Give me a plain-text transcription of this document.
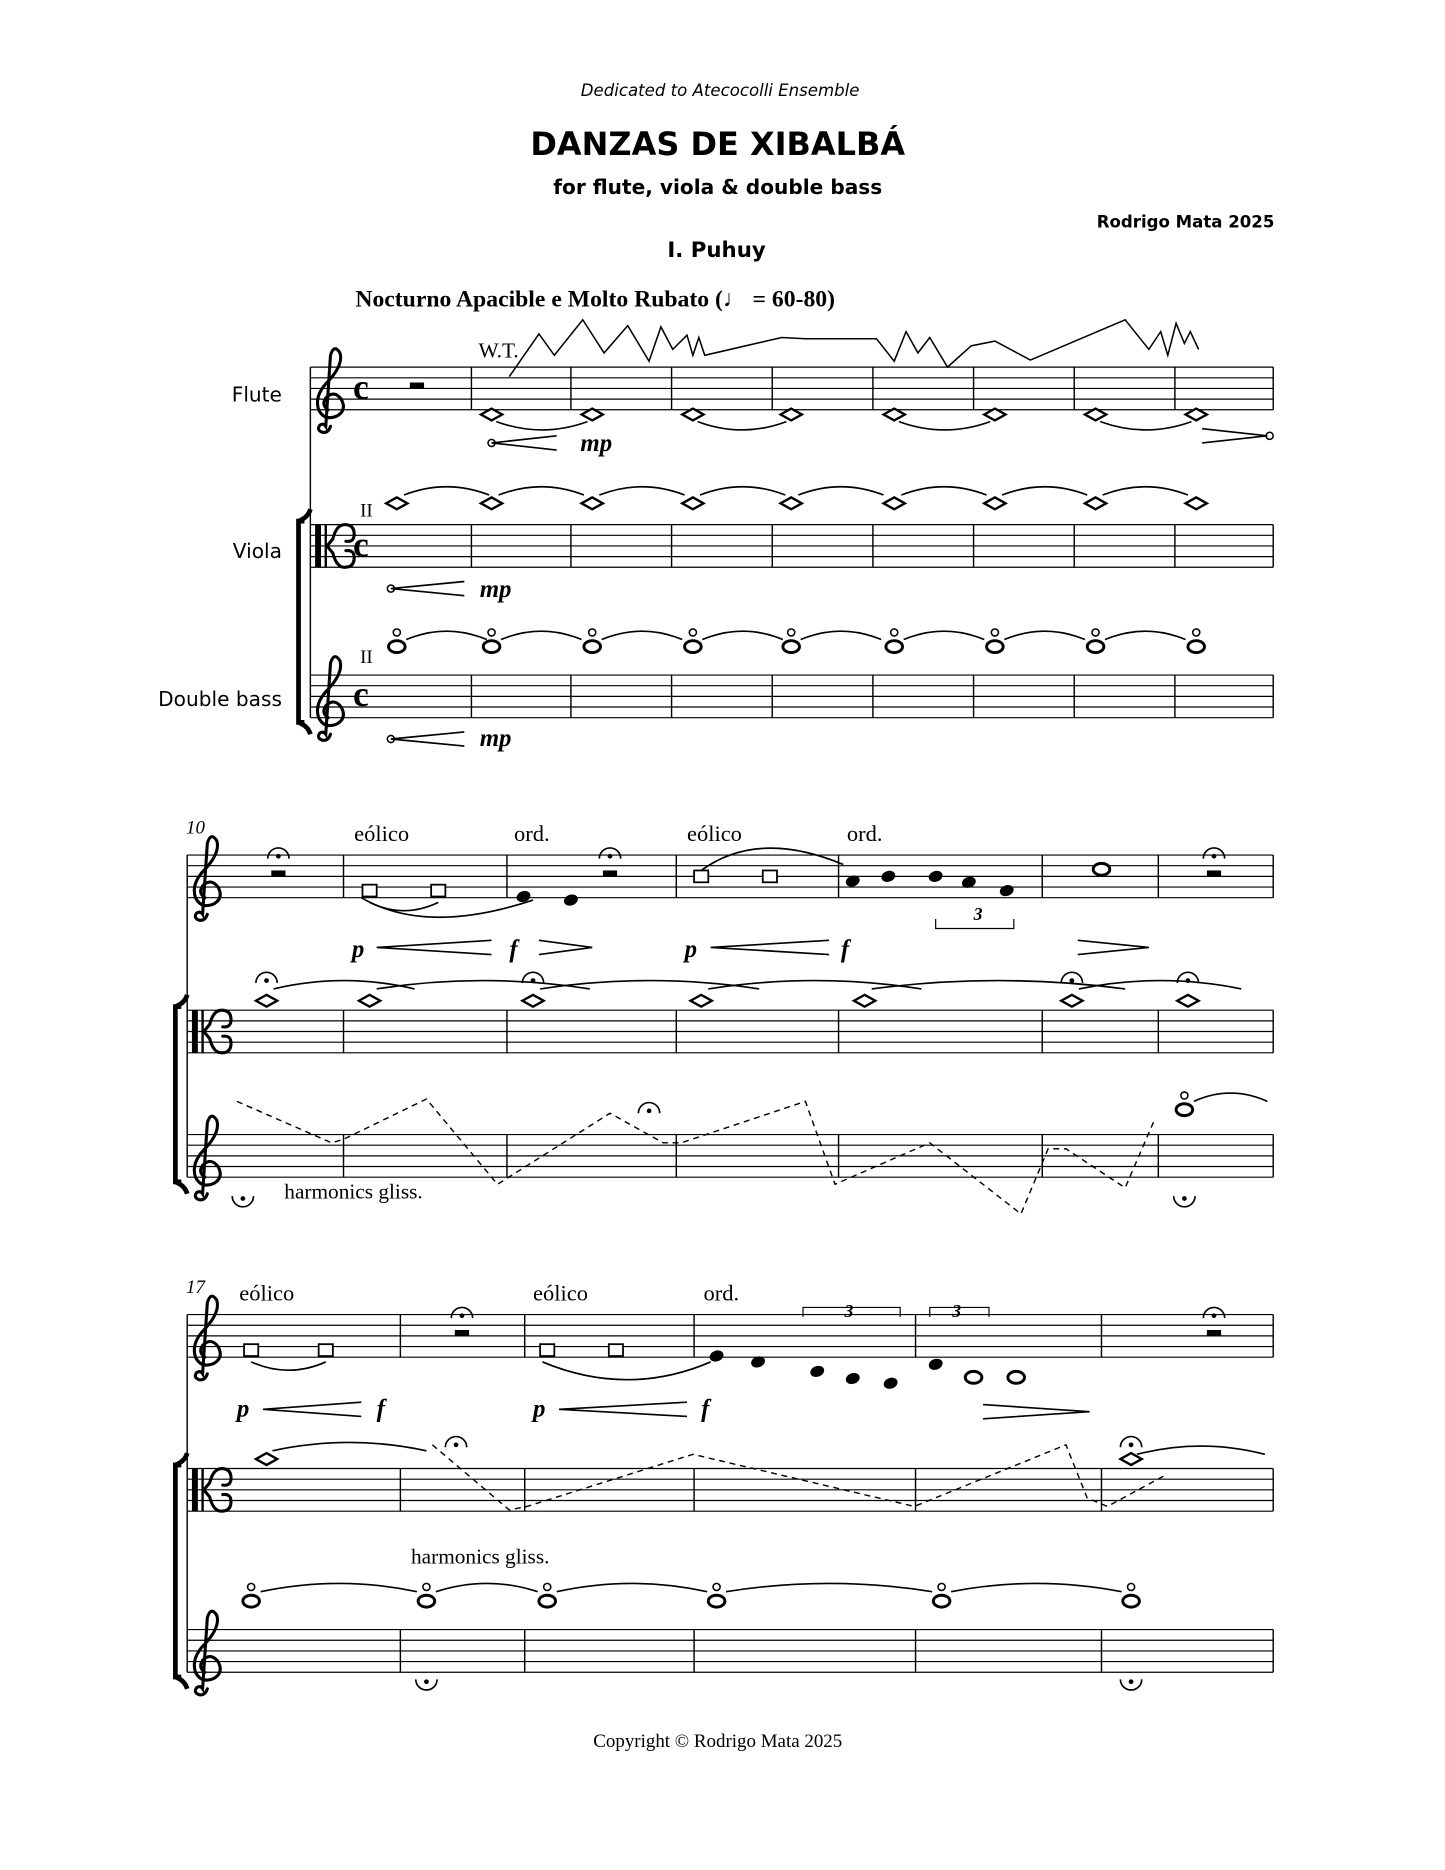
Dedicated to Atecocolli Ensemble
DANZAS DE XIBALBÁ
for flute, viola & double bass
Rodrigo Mata 2025
I. Puhuy
Nocturno Apacible e Molto Rubato (♩ = 60-80)
Flute
Viola
Double bass
W.T.
mp
II
mp
II
mp
c
c
c
10	eólico	ord.	eólico	ord.
p	f	p	f
3
harmonics gliss.
17 eólico	eólico	ord.
3	3
p	f	p	f
harmonics gliss.
Copyright © Rodrigo Mata 2025
